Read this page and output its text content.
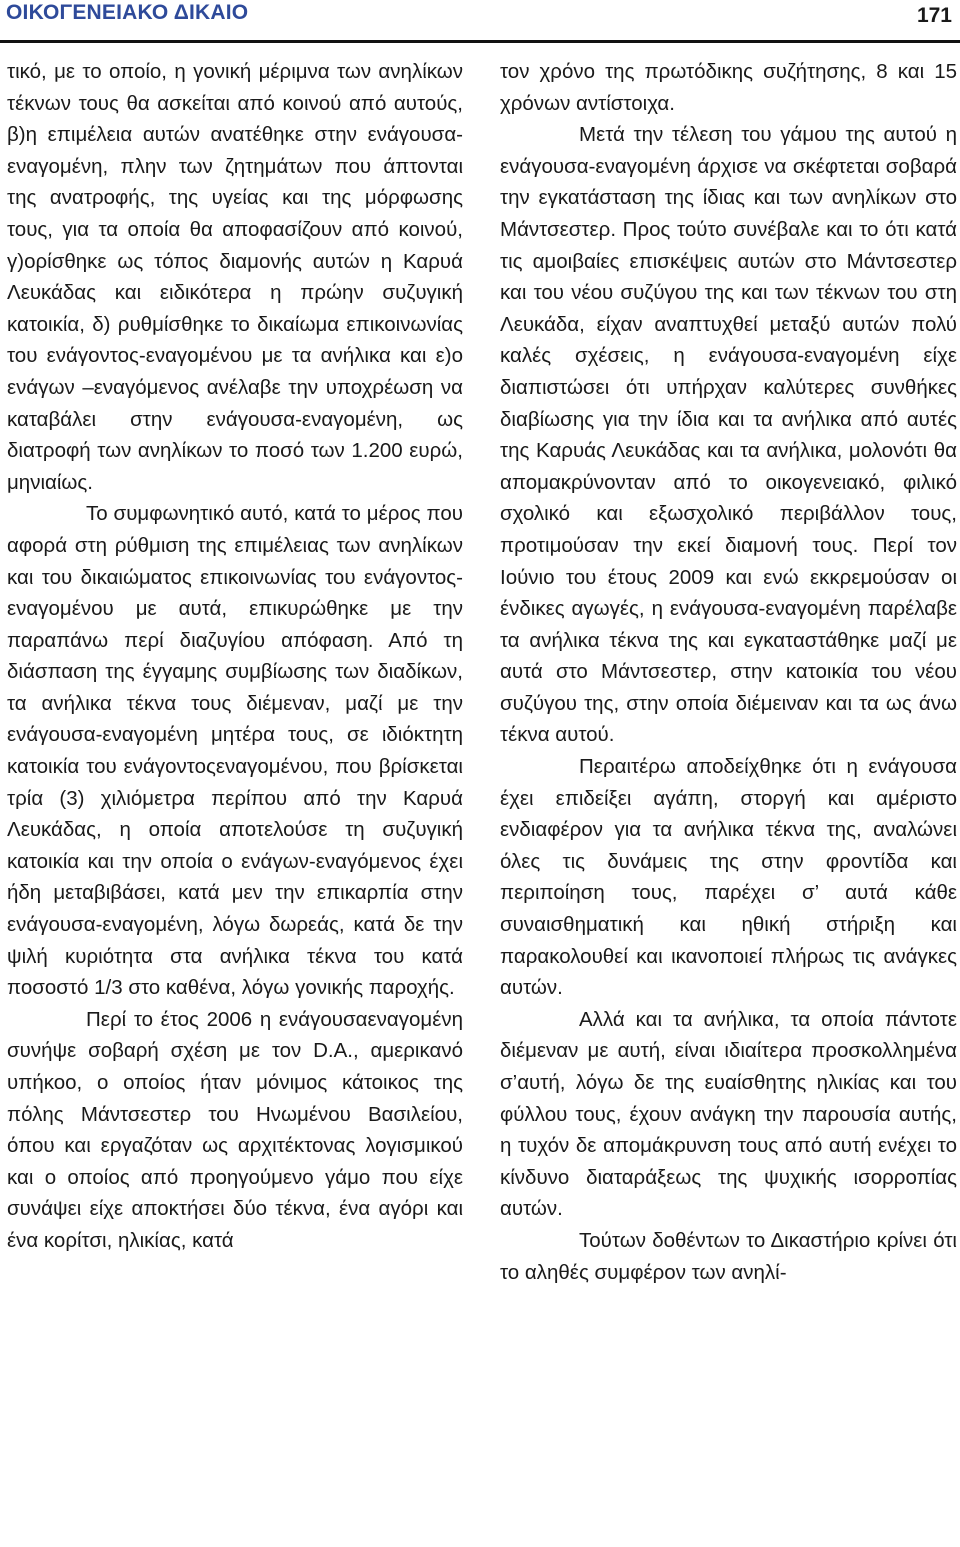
ΟΙΚΟΓΕΝΕΙΑΚΟ ΔΙΚΑΙΟ	171

τικό, με το οποίο, η γονική μέριμνα των ανηλίκων τέκνων τους θα ασκείται από κοινού από αυτούς, β)η επιμέλεια αυτών ανατέθηκε στην ενάγουσα-εναγομένη, πλην των ζητημάτων που άπτονται της ανατροφής, της υγείας και της μόρφωσης τους, για τα οποία θα αποφασίζουν από κοινού, γ)ορίσθηκε ως τόπος διαμονής αυτών η Καρυά Λευκάδας και ειδικότερα η πρώην συζυγική κατοικία, δ) ρυθμίσθηκε το δικαίωμα επικοινωνίας του ενάγοντος-εναγομένου με τα ανήλικα και ε)ο ενάγων –εναγόμενος ανέλαβε την υποχρέωση να καταβάλει στην ενάγουσα-εναγομένη, ως διατροφή των ανηλίκων το ποσό των 1.200 ευρώ, μηνιαίως.

Το συμφωνητικό αυτό, κατά το μέρος που αφορά στη ρύθμιση της επιμέλειας των ανηλίκων και του δικαιώματος επικοινωνίας του ενάγοντος-εναγομένου με αυτά, επικυρώθηκε με την παραπάνω περί διαζυγίου απόφαση. Από τη διάσπαση της έγγαμης συμβίωσης των διαδίκων, τα ανήλικα τέκνα τους διέμεναν, μαζί με την ενάγουσα-εναγομένη μητέρα τους, σε ιδιόκτητη κατοικία του ενάγοντοςεναγομένου, που βρίσκεται τρία (3) χιλιόμετρα περίπου από την Καρυά Λευκάδας, η οποία αποτελούσε τη συζυγική κατοικία και την οποία ο ενάγων-εναγόμενος έχει ήδη μεταβιβάσει, κατά μεν την επικαρπία στην ενάγουσα-εναγομένη, λόγω δωρεάς, κατά δε την ψιλή κυριότητα στα ανήλικα τέκνα του κατά ποσοστό 1/3 στο καθένα, λόγω γονικής παροχής.

Περί το έτος 2006 η ενάγουσαεναγομένη συνήψε σοβαρή σχέση με τον D.A., αμερικανό υπήκοο, ο οποίος ήταν μόνιμος κάτοικος της πόλης Μάντσεστερ του Ηνωμένου Βασιλείου, όπου και εργαζόταν ως αρχιτέκτονας λογισμικού και ο οποίος από προηγούμενο γάμο που είχε συνάψει είχε αποκτήσει δύο τέκνα, ένα αγόρι και ένα κορίτσι, ηλικίας, κατά

τον χρόνο της πρωτόδικης συζήτησης, 8 και 15 χρόνων αντίστοιχα.

Μετά την τέλεση του γάμου της αυτού η ενάγουσα-εναγομένη άρχισε να σκέφτεται σοβαρά την εγκατάσταση της ίδιας και των ανηλίκων στο Μάντσεστερ. Προς τούτο συνέβαλε και το ότι κατά τις αμοιβαίες επισκέψεις αυτών στο Μάντσεστερ και του νέου συζύγου της και των τέκνων του στη Λευκάδα, είχαν αναπτυχθεί μεταξύ αυτών πολύ καλές σχέσεις, η ενάγουσα-εναγομένη είχε διαπιστώσει ότι υπήρχαν καλύτερες συνθήκες διαβίωσης για την ίδια και τα ανήλικα από αυτές της Καρυάς Λευκάδας και τα ανήλικα, μολονότι θα απομακρύνονταν από το οικογενειακό, φιλικό σχολικό και εξωσχολικό περιβάλλον τους, προτιμούσαν την εκεί διαμονή τους. Περί τον Ιούνιο του έτους 2009 και ενώ εκκρεμούσαν οι ένδικες αγωγές, η ενάγουσα-εναγομένη παρέλαβε τα ανήλικα τέκνα της και εγκαταστάθηκε μαζί με αυτά στο Μάντσεστερ, στην κατοικία του νέου συζύγου της, στην οποία διέμειναν και τα ως άνω τέκνα αυτού.

Περαιτέρω αποδείχθηκε ότι η ενάγουσα έχει επιδείξει αγάπη, στοργή και αμέριστο ενδιαφέρον για τα ανήλικα τέκνα της, αναλώνει όλες τις δυνάμεις της στην φροντίδα και περιποίηση τους, παρέχει σ’ αυτά κάθε συναισθηματική και ηθική στήριξη και παρακολουθεί και ικανοποιεί πλήρως τις ανάγκες αυτών.

Αλλά και τα ανήλικα, τα οποία πάντοτε διέμεναν με αυτή, είναι ιδιαίτερα προσκολλημένα σ’αυτή, λόγω δε της ευαίσθητης ηλικίας και του φύλλου τους, έχουν ανάγκη την παρουσία αυτής, η τυχόν δε απομάκρυνση τους από αυτή ενέχει το κίνδυνο διαταράξεως της ψυχικής ισορροπίας αυτών.

Τούτων δοθέντων το Δικαστήριο κρίνει ότι το αληθές συμφέρον των ανηλί-
